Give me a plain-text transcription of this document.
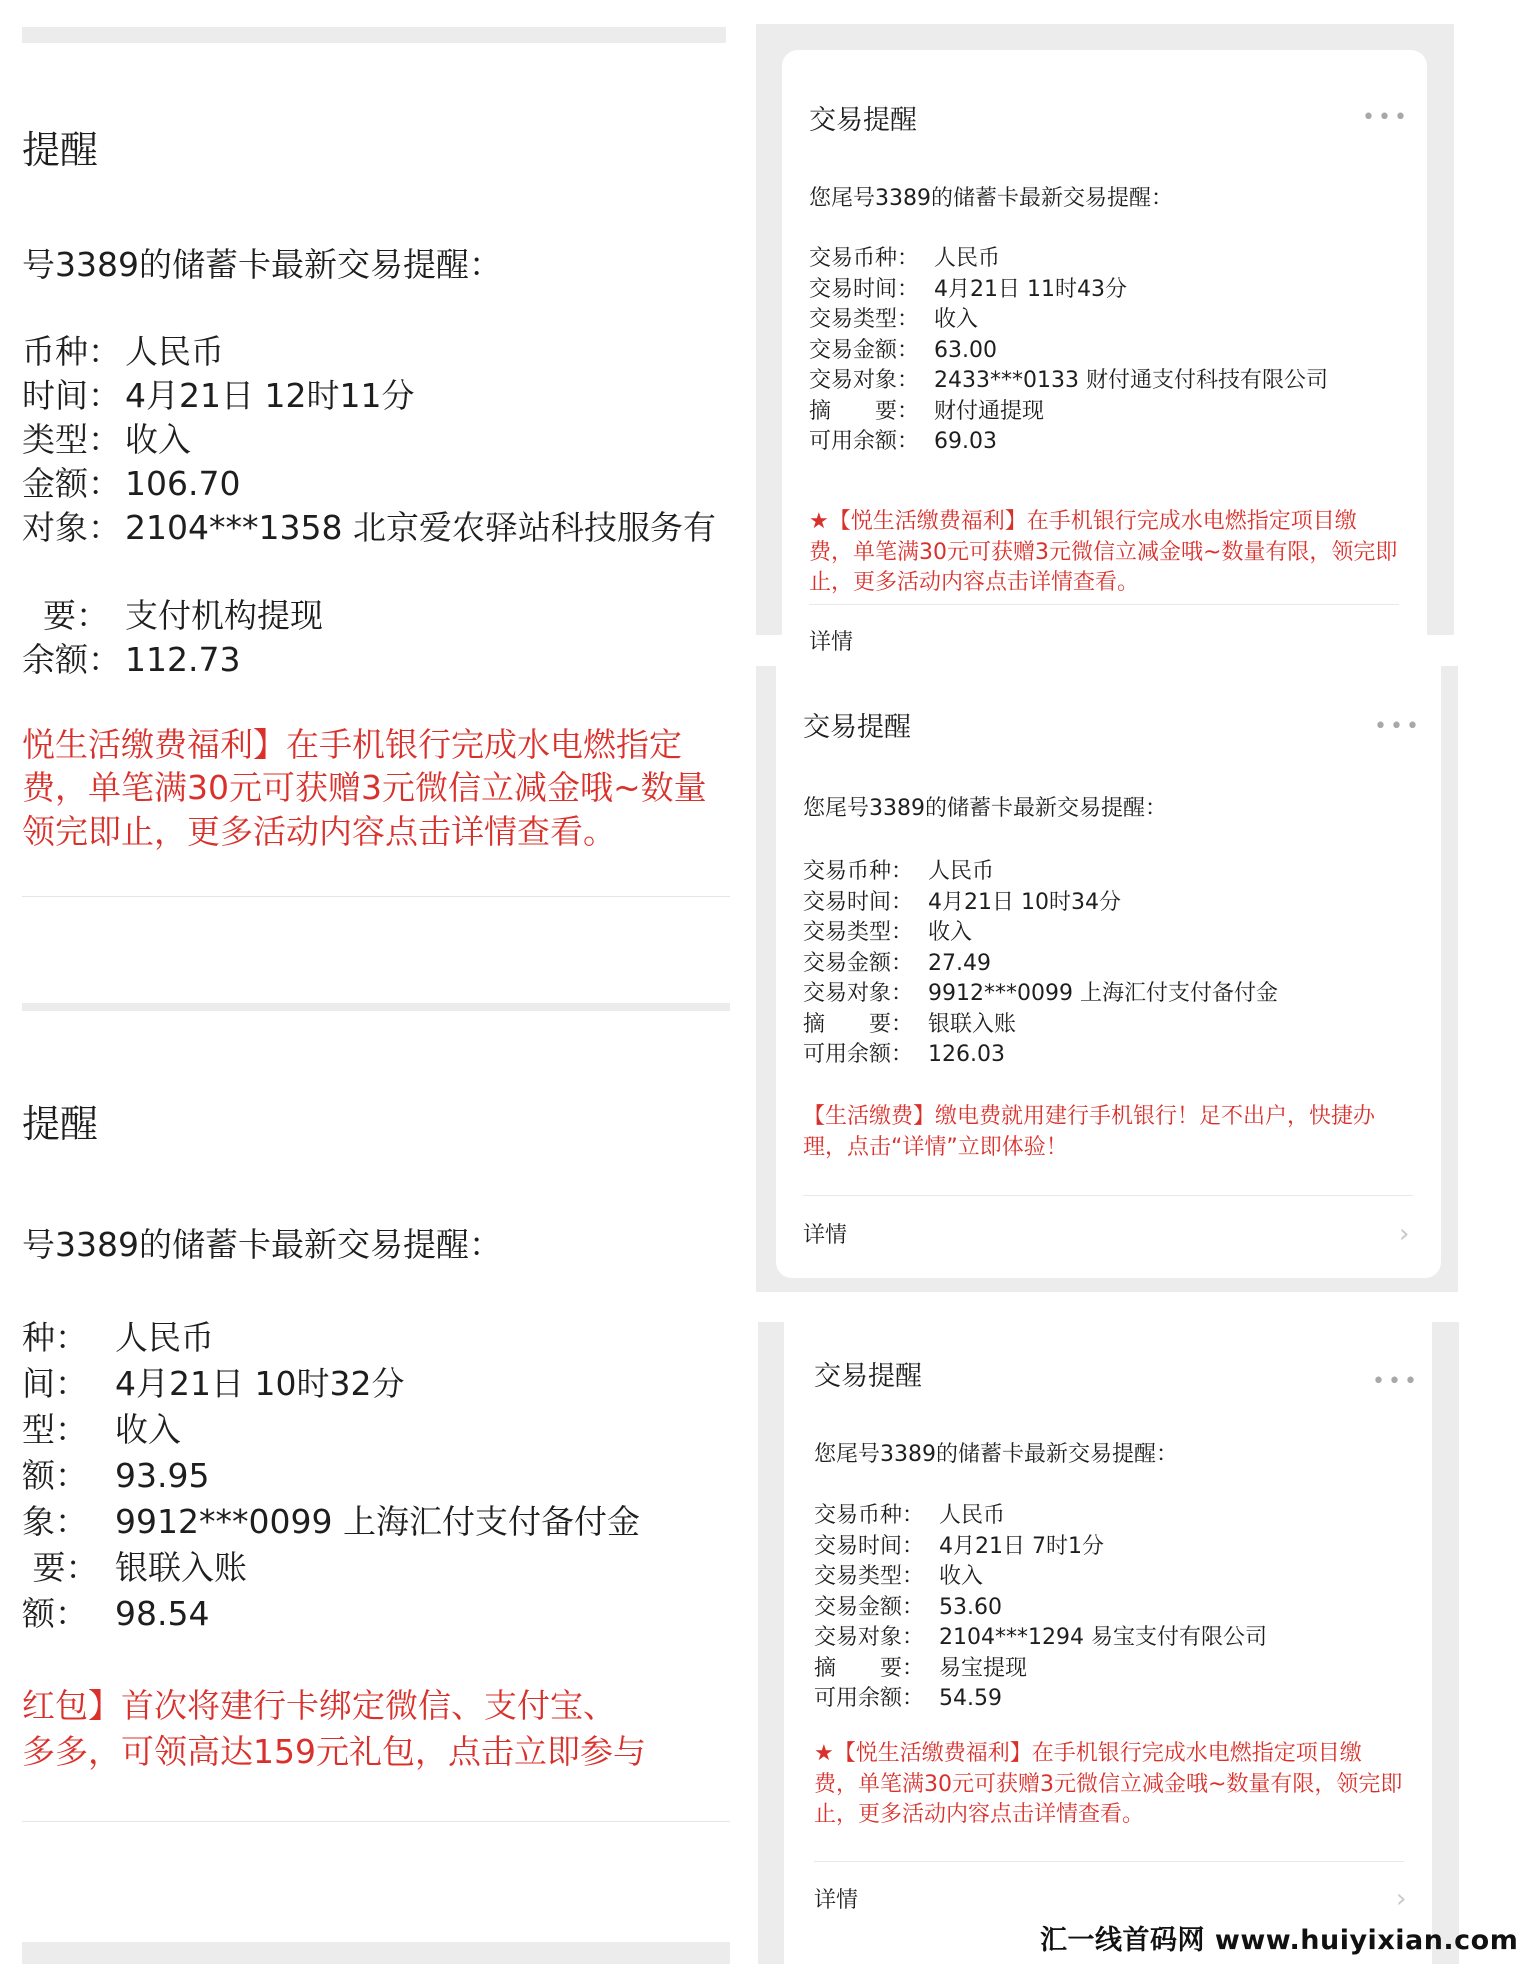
提醒
号3389的储蓄卡最新交易提醒：
币种： 人民币
时间： 4月21日 12时11分
类型： 收入
金额： 106.70
对象： 2104***1358 北京爱农驿站科技服务有
要： 支付机构提现
余额： 112.73
悦生活缴费福利】在手机银行完成水电燃指定
费，单笔满30元可获赠3元微信立减金哦~数量
领完即止，更多活动内容点击详情查看。
提醒
号3389的储蓄卡最新交易提醒：
种： 人民币
间： 4月21日 10时32分
型： 收入
额： 93.95
象： 9912***0099 上海汇付支付备付金
要： 银联入账
额： 98.54
红包】首次将建行卡绑定微信、支付宝、
多多，可领高达159元礼包，点击立即参与
交易提醒	•••
您尾号3389的储蓄卡最新交易提醒：
交易币种： 人民币
交易时间： 4月21日 11时43分
交易类型： 收入
交易金额： 63.00
交易对象： 2433***0133 财付通支付科技有限公司
摘　　要： 财付通提现
可用余额： 69.03
★【悦生活缴费福利】在手机银行完成水电燃指定项目缴费，单笔满30元可获赠3元微信立减金哦~数量有限，领完即止，更多活动内容点击详情查看。
详情
交易提醒	•••
您尾号3389的储蓄卡最新交易提醒：
交易币种： 人民币
交易时间： 4月21日 10时34分
交易类型： 收入
交易金额： 27.49
交易对象： 9912***0099 上海汇付支付备付金
摘　　要： 银联入账
可用余额： 126.03
【生活缴费】缴电费就用建行手机银行！足不出户，快捷办理，点击“详情”立即体验！
详情	›
交易提醒	•••
您尾号3389的储蓄卡最新交易提醒：
交易币种： 人民币
交易时间： 4月21日 7时1分
交易类型： 收入
交易金额： 53.60
交易对象： 2104***1294 易宝支付有限公司
摘　　要： 易宝提现
可用余额： 54.59
★【悦生活缴费福利】在手机银行完成水电燃指定项目缴费，单笔满30元可获赠3元微信立减金哦~数量有限，领完即止，更多活动内容点击详情查看。
详情	›
汇一线首码网 www.huiyixian.com
